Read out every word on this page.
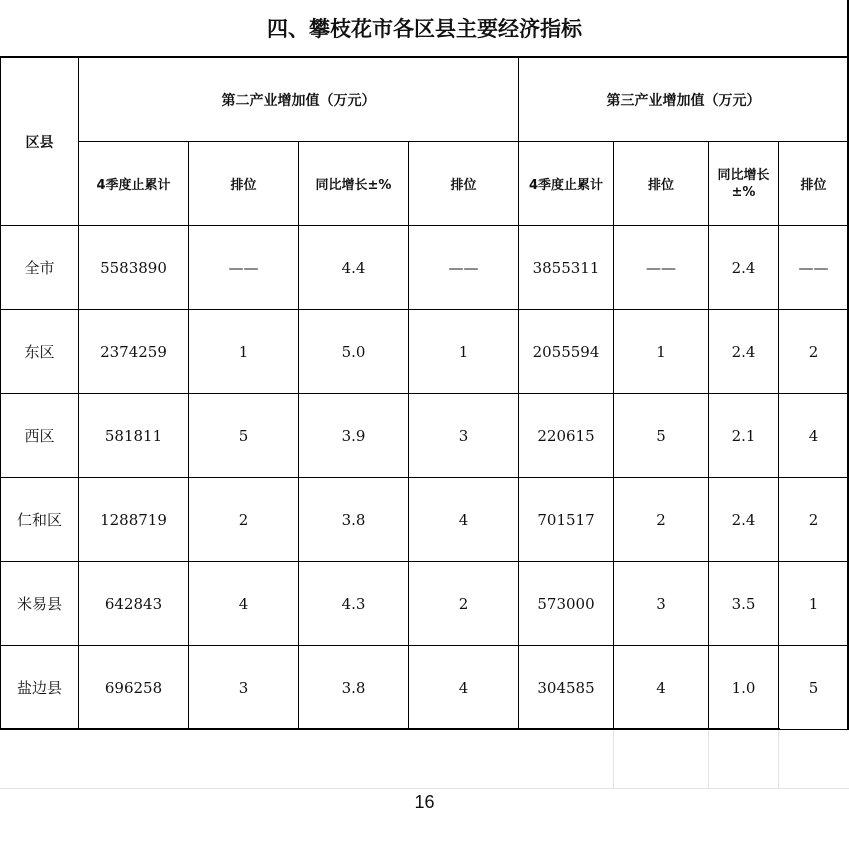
四、攀枝花市各区县主要经济指标
区县	第二产业增加值（万元）				第三产业增加值（万元）			
	4季度止累计	排位	同比增长±%	排位	4季度止累计	排位	同比增长±%	排位
全市	5583890	——	4.4	——	3855311	——	2.4	——
东区	2374259	1	5.0	1	2055594	1	2.4	2
西区	581811	5	3.9	3	220615	5	2.1	4
仁和区	1288719	2	3.8	4	701517	2	2.4	2
米易县	642843	4	4.3	2	573000	3	3.5	1
盐边县	696258	3	3.8	4	304585	4	1.0	5
16
